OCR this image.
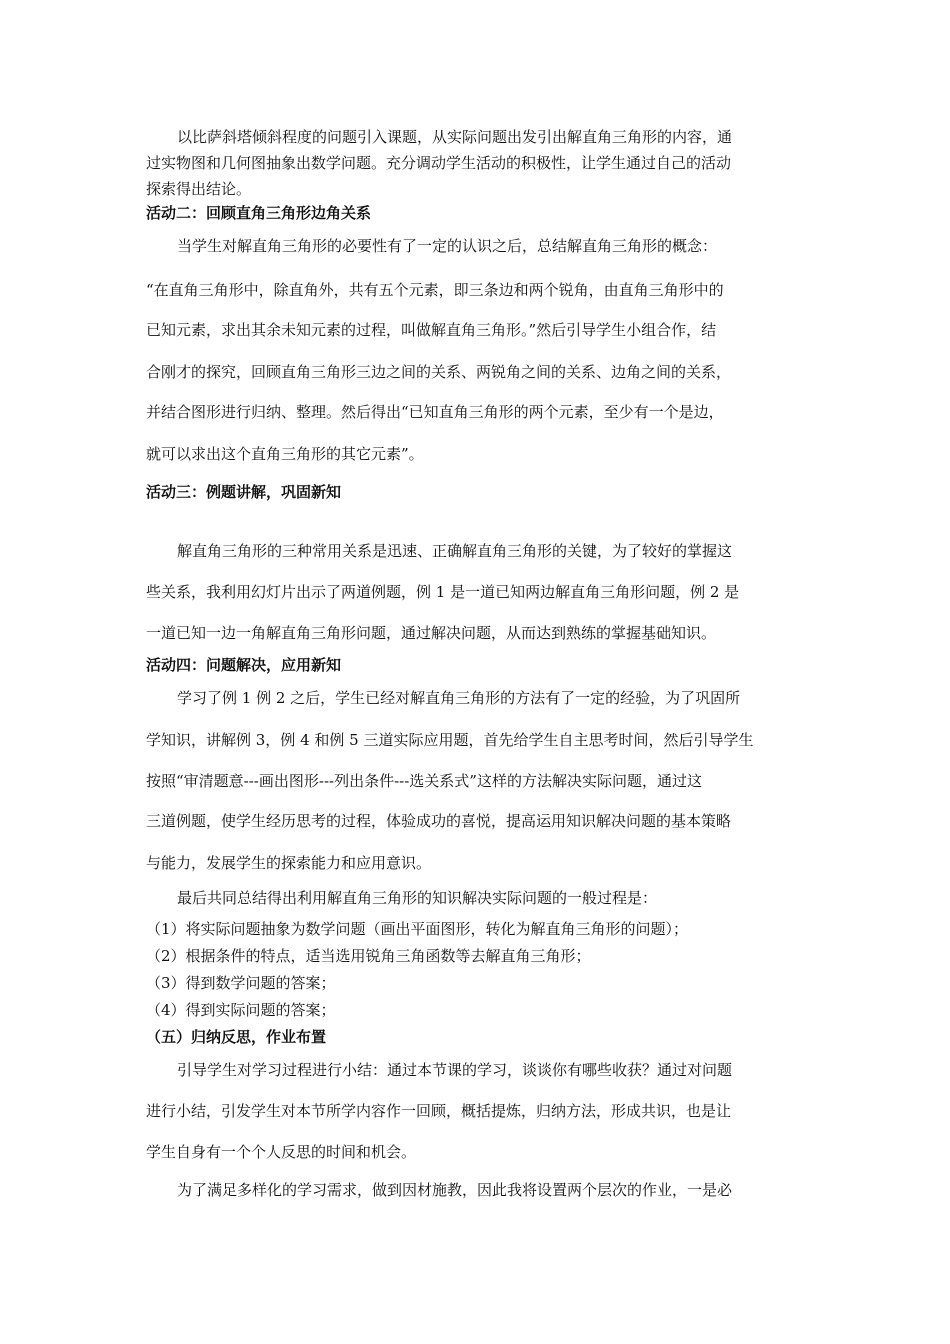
以比萨斜塔倾斜程度的问题引入课题，从实际问题出发引出解直角三角形的内容，通
过实物图和几何图抽象出数学问题。充分调动学生活动的积极性，让学生通过自己的活动
探索得出结论。
活动二：回顾直角三角形边角关系
当学生对解直角三角形的必要性有了一定的认识之后，总结解直角三角形的概念：
“在直角三角形中，除直角外，共有五个元素，即三条边和两个锐角，由直角三角形中的
已知元素，求出其余未知元素的过程，叫做解直角三角形。”然后引导学生小组合作，结
合刚才的探究，回顾直角三角形三边之间的关系、两锐角之间的关系、边角之间的关系，
并结合图形进行归纳、整理。然后得出“已知直角三角形的两个元素，至少有一个是边，
就可以求出这个直角三角形的其它元素”。
活动三：例题讲解，巩固新知
解直角三角形的三种常用关系是迅速、正确解直角三角形的关键，为了较好的掌握这
些关系，我利用幻灯片出示了两道例题，例 1 是一道已知两边解直角三角形问题，例 2 是
一道已知一边一角解直角三角形问题，通过解决问题，从而达到熟练的掌握基础知识。
活动四：问题解决，应用新知
学习了例 1 例 2 之后，学生已经对解直角三角形的方法有了一定的经验，为了巩固所
学知识，讲解例 3，例 4 和例 5 三道实际应用题，首先给学生自主思考时间，然后引导学生
按照“审清题意---画出图形---列出条件---选关系式”这样的方法解决实际问题，通过这
三道例题，使学生经历思考的过程，体验成功的喜悦，提高运用知识解决问题的基本策略
与能力，发展学生的探索能力和应用意识。
最后共同总结得出利用解直角三角形的知识解决实际问题的一般过程是：
（1）将实际问题抽象为数学问题（画出平面图形，转化为解直角三角形的问题）；
（2）根据条件的特点，适当选用锐角三角函数等去解直角三角形；
（3）得到数学问题的答案；
（4）得到实际问题的答案；
（五）归纳反思，作业布置
引导学生对学习过程进行小结：通过本节课的学习，谈谈你有哪些收获？通过对问题
进行小结，引发学生对本节所学内容作一回顾，概括提炼，归纳方法，形成共识，也是让
学生自身有一个个人反思的时间和机会。
为了满足多样化的学习需求，做到因材施教，因此我将设置两个层次的作业，一是必
